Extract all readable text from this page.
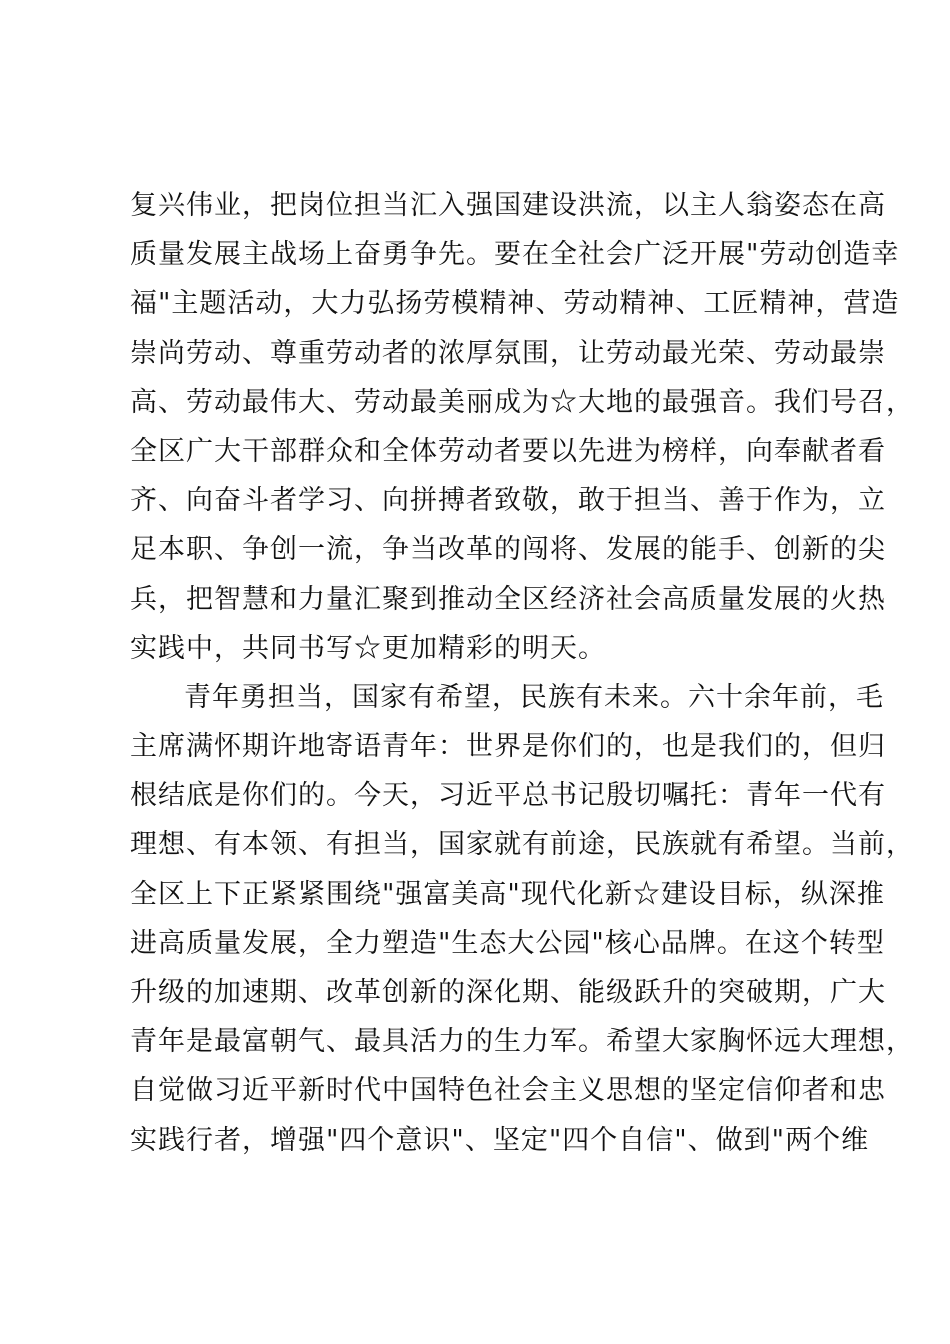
复兴伟业，把岗位担当汇入强国建设洪流，以主人翁姿态在高
质量发展主战场上奋勇争先。要在全社会广泛开展"劳动创造幸
福"主题活动，大力弘扬劳模精神、劳动精神、工匠精神，营造
崇尚劳动、尊重劳动者的浓厚氛围，让劳动最光荣、劳动最崇
高、劳动最伟大、劳动最美丽成为☆大地的最强音。我们号召，
全区广大干部群众和全体劳动者要以先进为榜样，向奉献者看
齐、向奋斗者学习、向拼搏者致敬，敢于担当、善于作为，立
足本职、争创一流，争当改革的闯将、发展的能手、创新的尖
兵，把智慧和力量汇聚到推动全区经济社会高质量发展的火热
实践中，共同书写☆更加精彩的明天。
青年勇担当，国家有希望，民族有未来。六十余年前，毛
主席满怀期许地寄语青年：世界是你们的，也是我们的，但归
根结底是你们的。今天，习近平总书记殷切嘱托：青年一代有
理想、有本领、有担当，国家就有前途，民族就有希望。当前，
全区上下正紧紧围绕"强富美高"现代化新☆建设目标，纵深推
进高质量发展，全力塑造"生态大公园"核心品牌。在这个转型
升级的加速期、改革创新的深化期、能级跃升的突破期，广大
青年是最富朝气、最具活力的生力军。希望大家胸怀远大理想，
自觉做习近平新时代中国特色社会主义思想的坚定信仰者和忠
实践行者，增强"四个意识"、坚定"四个自信"、做到"两个维
